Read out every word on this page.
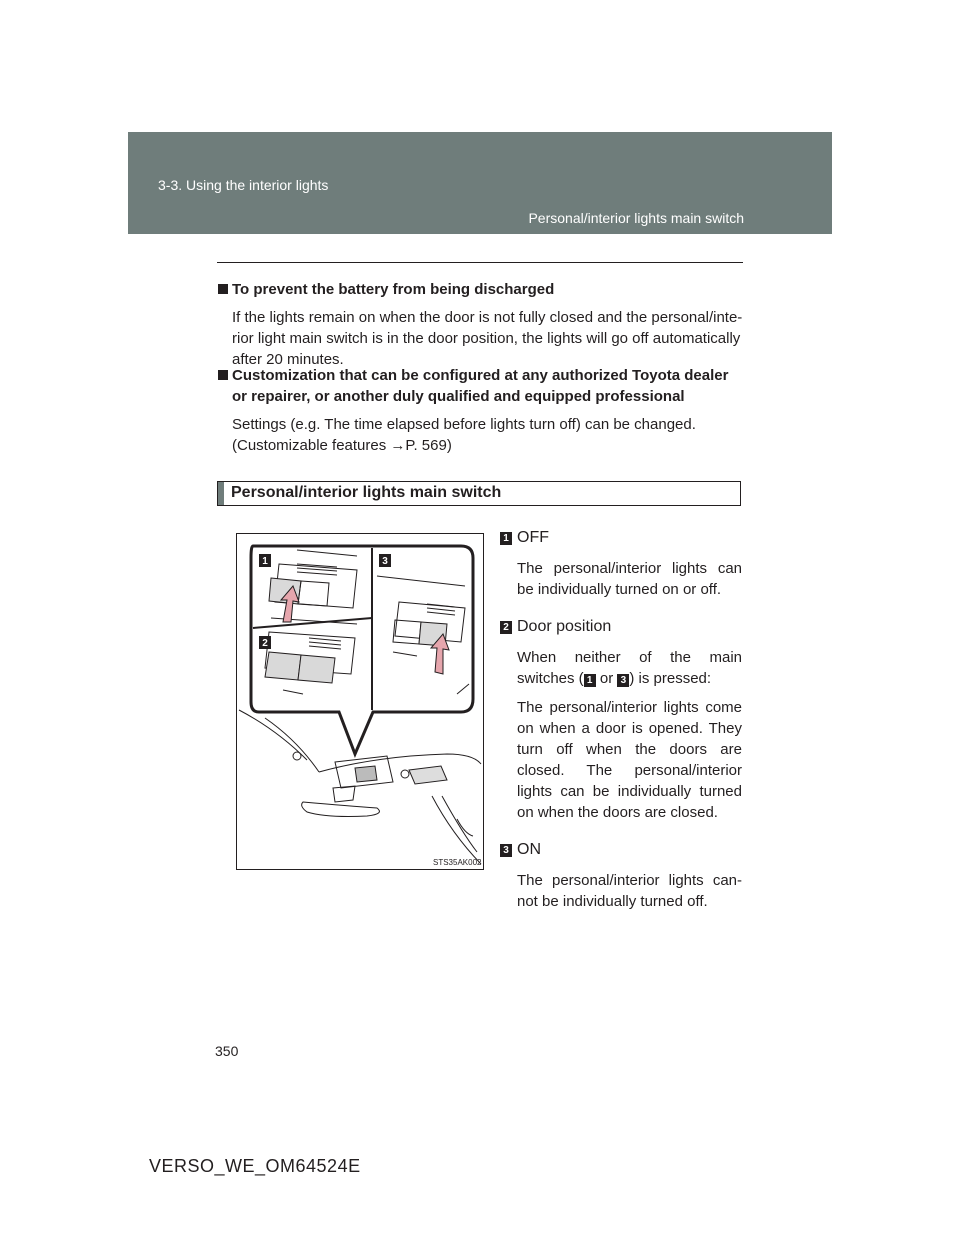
3-3. Using the interior lights
Personal/interior lights main switch
To prevent the battery from being discharged

If the lights remain on when the door is not fully closed and the personal/inte-

rior light main switch is in the door position, the lights will go off automatically

after 20 minutes.

Customization that can be configured at any authorized Toyota dealer
or repairer, or another duly qualified and equipped professional

Settings (e.g. The time elapsed before lights turn off) can be changed.

(Customizable features →P. 569)

Personal/interior lights main switch
1	3
2
STS35AK002
1 OFF

The personal/interior lights can be individually turned on or off.

2 Door position

When neither of the main switches ( 1 or 3 ) is pressed:

The personal/interior lights come on when a door is opened. They turn off when the doors are closed. The personal/interior lights can be individually turned on when the doors are closed.

3 ON

The personal/interior lights can-not be individually turned off.

350
VERSO_WE_OM64524E
